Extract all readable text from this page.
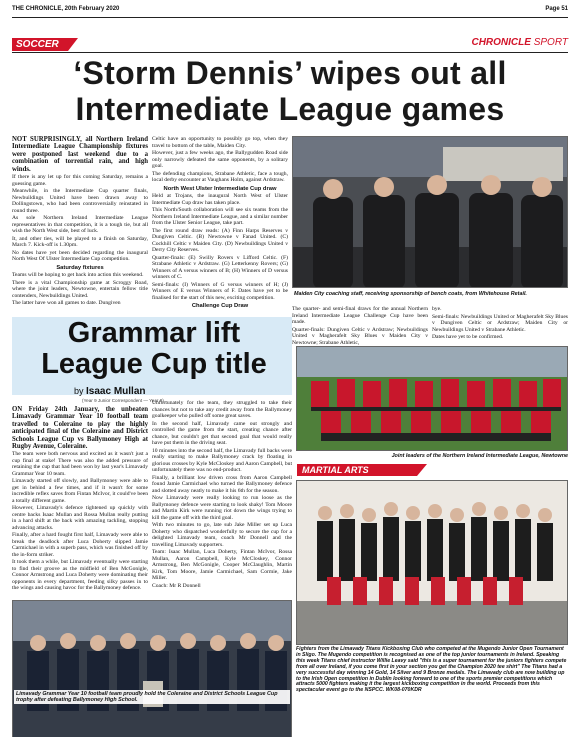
THE CHRONICLE, 20th February 2020	Page 51
SOCCER	CHRONICLE SPORT
‘Storm Dennis’ wipes out all
Intermediate League games

NOT SURPRISINGLY, all Northern Ireland Intermediate League Championship fixtures were postponed last weekend due to a combination of torrential rain, and high winds.

If there is any let up for this coming Saturday, remains a guessing game.

Meanwhile, in the Intermediate Cup quarter finals, Newbuildings United have been drawn away to Dollingstown, who had been controversially reinstated in round three.

As sole Northern Ireland Intermediate League representatives in that competition, it is a tough tie, but all wish the North West side, best of luck.

It, and other ties, will be played to a finish on Saturday, March 7. Kick-off is 1.30pm.

No dates have yet been decided regarding the inaugural North West Of Ulster Intermediate Cup competition.

Saturday fixtures

Teams will be hoping to get back into action this weekend.

There is a vital Championship game at Scroggy Road, where the joint leaders, Newtowne, entertain fellow title contenders, Newbuildings United.

The latter have won all games to date. Dungiven

Celtic have an opportunity to possibly go top, when they travel to bottom of the table, Maiden City.

However, just a few weeks ago, the Ballygudden Road side only narrowly defeated the same opponents, by a solitary goal.

The defending champions, Strabane Athletic, face a tough, local derby encounter at Vaughans Holm, against Ardstraw.

North West Ulster Intermediate Cup draw

Held at Trojans, the inaugural North West of Ulster Intermediate Cup draw has taken place.

This North/South collaboration will see six teams from the Northern Ireland Intermediate League, and a similar number from the Ulster Senior League, take part.

The first round draw reads: (A) Finn Harps Reserves v Dungiven Celtic. (B) Newtowne v Fanad United. (C) Cockhill Celtic v Maiden City. (D) Newbuildings United v Derry City Reserves.

Quarter-finals: (E) Swilly Rovers v Lifford Celtic. (F) Strabane Athletic v Ardstraw. (G) Letterkenny Rovers; (G) Winners of A versus winners of B; (H) Winners of D versus winners of C.

Semi-finals: (I) Winners of G versus winners of H; (J) Winners of E versus Winners of F. Dates have yet to be finalised for the start of this new, exciting competition.

Challenge Cup Draw

Maiden City coaching staff, receiving sponsorship of bench coats, from Whitehouse Retail.

The quarter- and semi-final draws for the annual Northern Ireland Intermediate League Challenge Cup have been made.

Quarter-finals: Dungiven Celtic v Ardstraw; Newbuildings United v Magherafelt Sky Blues v Maiden City v Newtowne; Strabane Athletic,

bye.

Semi-finals: Newbuildings United or Magherafelt Sky Blues v Dungiven Celtic or Ardstraw; Maiden City or Newbuildings United v Strabane Athletic.

Dates have yet to be confirmed.

Grammar lift
League Cup title
by Isaac Mullan
(Year 9 Junior Correspondent — Year 9)

ON Friday 24th January, the unbeaten Limavady Grammar Year 10 football team travelled to Coleraine to play the highly anticipated final of the Coleraine and District Schools League Cup vs Ballymoney High at Rugby Avenue, Coleraine.

The team were both nervous and excited as it wasn't just a cup final at stake! There was also the added pressure of retaining the cup that had been won by last year's Limavady Grammar Year 10 team.

Limavady started off slowly, and Ballymoney were able to get in behind a few times, and if it wasn't for some incredible reflex saves from Fintan McIvor, it could've been a totally different game.

However, Limavady's defence tightened up quickly with centre backs Isaac Mullan and Rossa Mullan really putting in a hard shift at the back with amazing tackling, stopping advancing attacks.

Finally, after a hard fought first half, Limavady were able to break the deadlock after Luca Doherty slipped Jamie Carmichael in with a superb pass, which was finished off by the in-form striker.

It took them a while, but Limavady eventually were starting to find their groove as the midfield of Ben McGonigle, Connor Armstrong and Luca Doherty were dominating their opponents in every department, feeding silky passes in to the wings and causing havoc for the Ballymoney defence.

Unfortunately for the team, they struggled to take their chances but not to take any credit away from the Ballymoney goalkeeper who pulled off some great saves.

In the second half, Limavady came out strongly and controlled the game from the start, creating chance after chance, but couldn't get that second goal that would really have put them in the driving seat.

10 minutes into the second half, the Limavady full backs were really starting to make Ballymoney crack by floating in glorious crosses by Kyle McCloskey and Aaron Campbell, but unfortunately there was no end-product.

Finally, a brilliant low driven cross from Aaron Campbell found Jamie Carmichael who turned the Ballymoney defence and slotted away neatly to make it his 6th for the season.

Now Limavady were really looking to run loose as the Ballymoney defence were starting to look shaky! Tom Moore and Martin Kirk were running riot down the wings trying to kill the game off with the third goal.

With two minutes to go, late sub Jake Miller set up Luca Doherty who dispatched wonderfully to secure the cup for a delighted Limavady team, coach Mr Donnell and the travelling Limavady supporters.

Team: Isaac Mullan, Luca Doherty, Fintan McIvor, Rossa Mullan, Aaron Campbell, Kyle McCloskey, Connor Armstrong, Ben McGonigle, Cooper McClaughlin, Martin Kirk, Tom Moore, Jamie Carmichael, Sam Cormie, Jake Miller.

Coach: Mr R Donnell

Joint leaders of the Northern Ireland Intermediate League, Newtowne
MARTIAL ARTS
Fighters from the Limavady Titans Kickboxing Club who competed at the Mugendo Junior Open Tournament in Sligo. The Mugendo competition is recognised as one of the top junior tournaments in Ireland. Speaking this week Titans chief instructor Willie Leavy said "this is a super tournament for the juniors fighters compete from all over Ireland, if you come first in your section you get the Champion 2020 tee shirt" The Titans had a very successful day winning 14 Gold, 14 Silver and 9 Bronze medals. The Limavady club are now building up to the Irish Open competition in Dublin looking forward to one of the sports premier competitions which attracts 5000 fighters making it the largest kickboxing competition in the world. Proceeds from this spectacular event go to the NSPCC. WK08-070KDR
Limavady Grammar Year 10 football team proudly hold the Coleraine and District Schools League Cup trophy after defeating Ballymoney High School.
